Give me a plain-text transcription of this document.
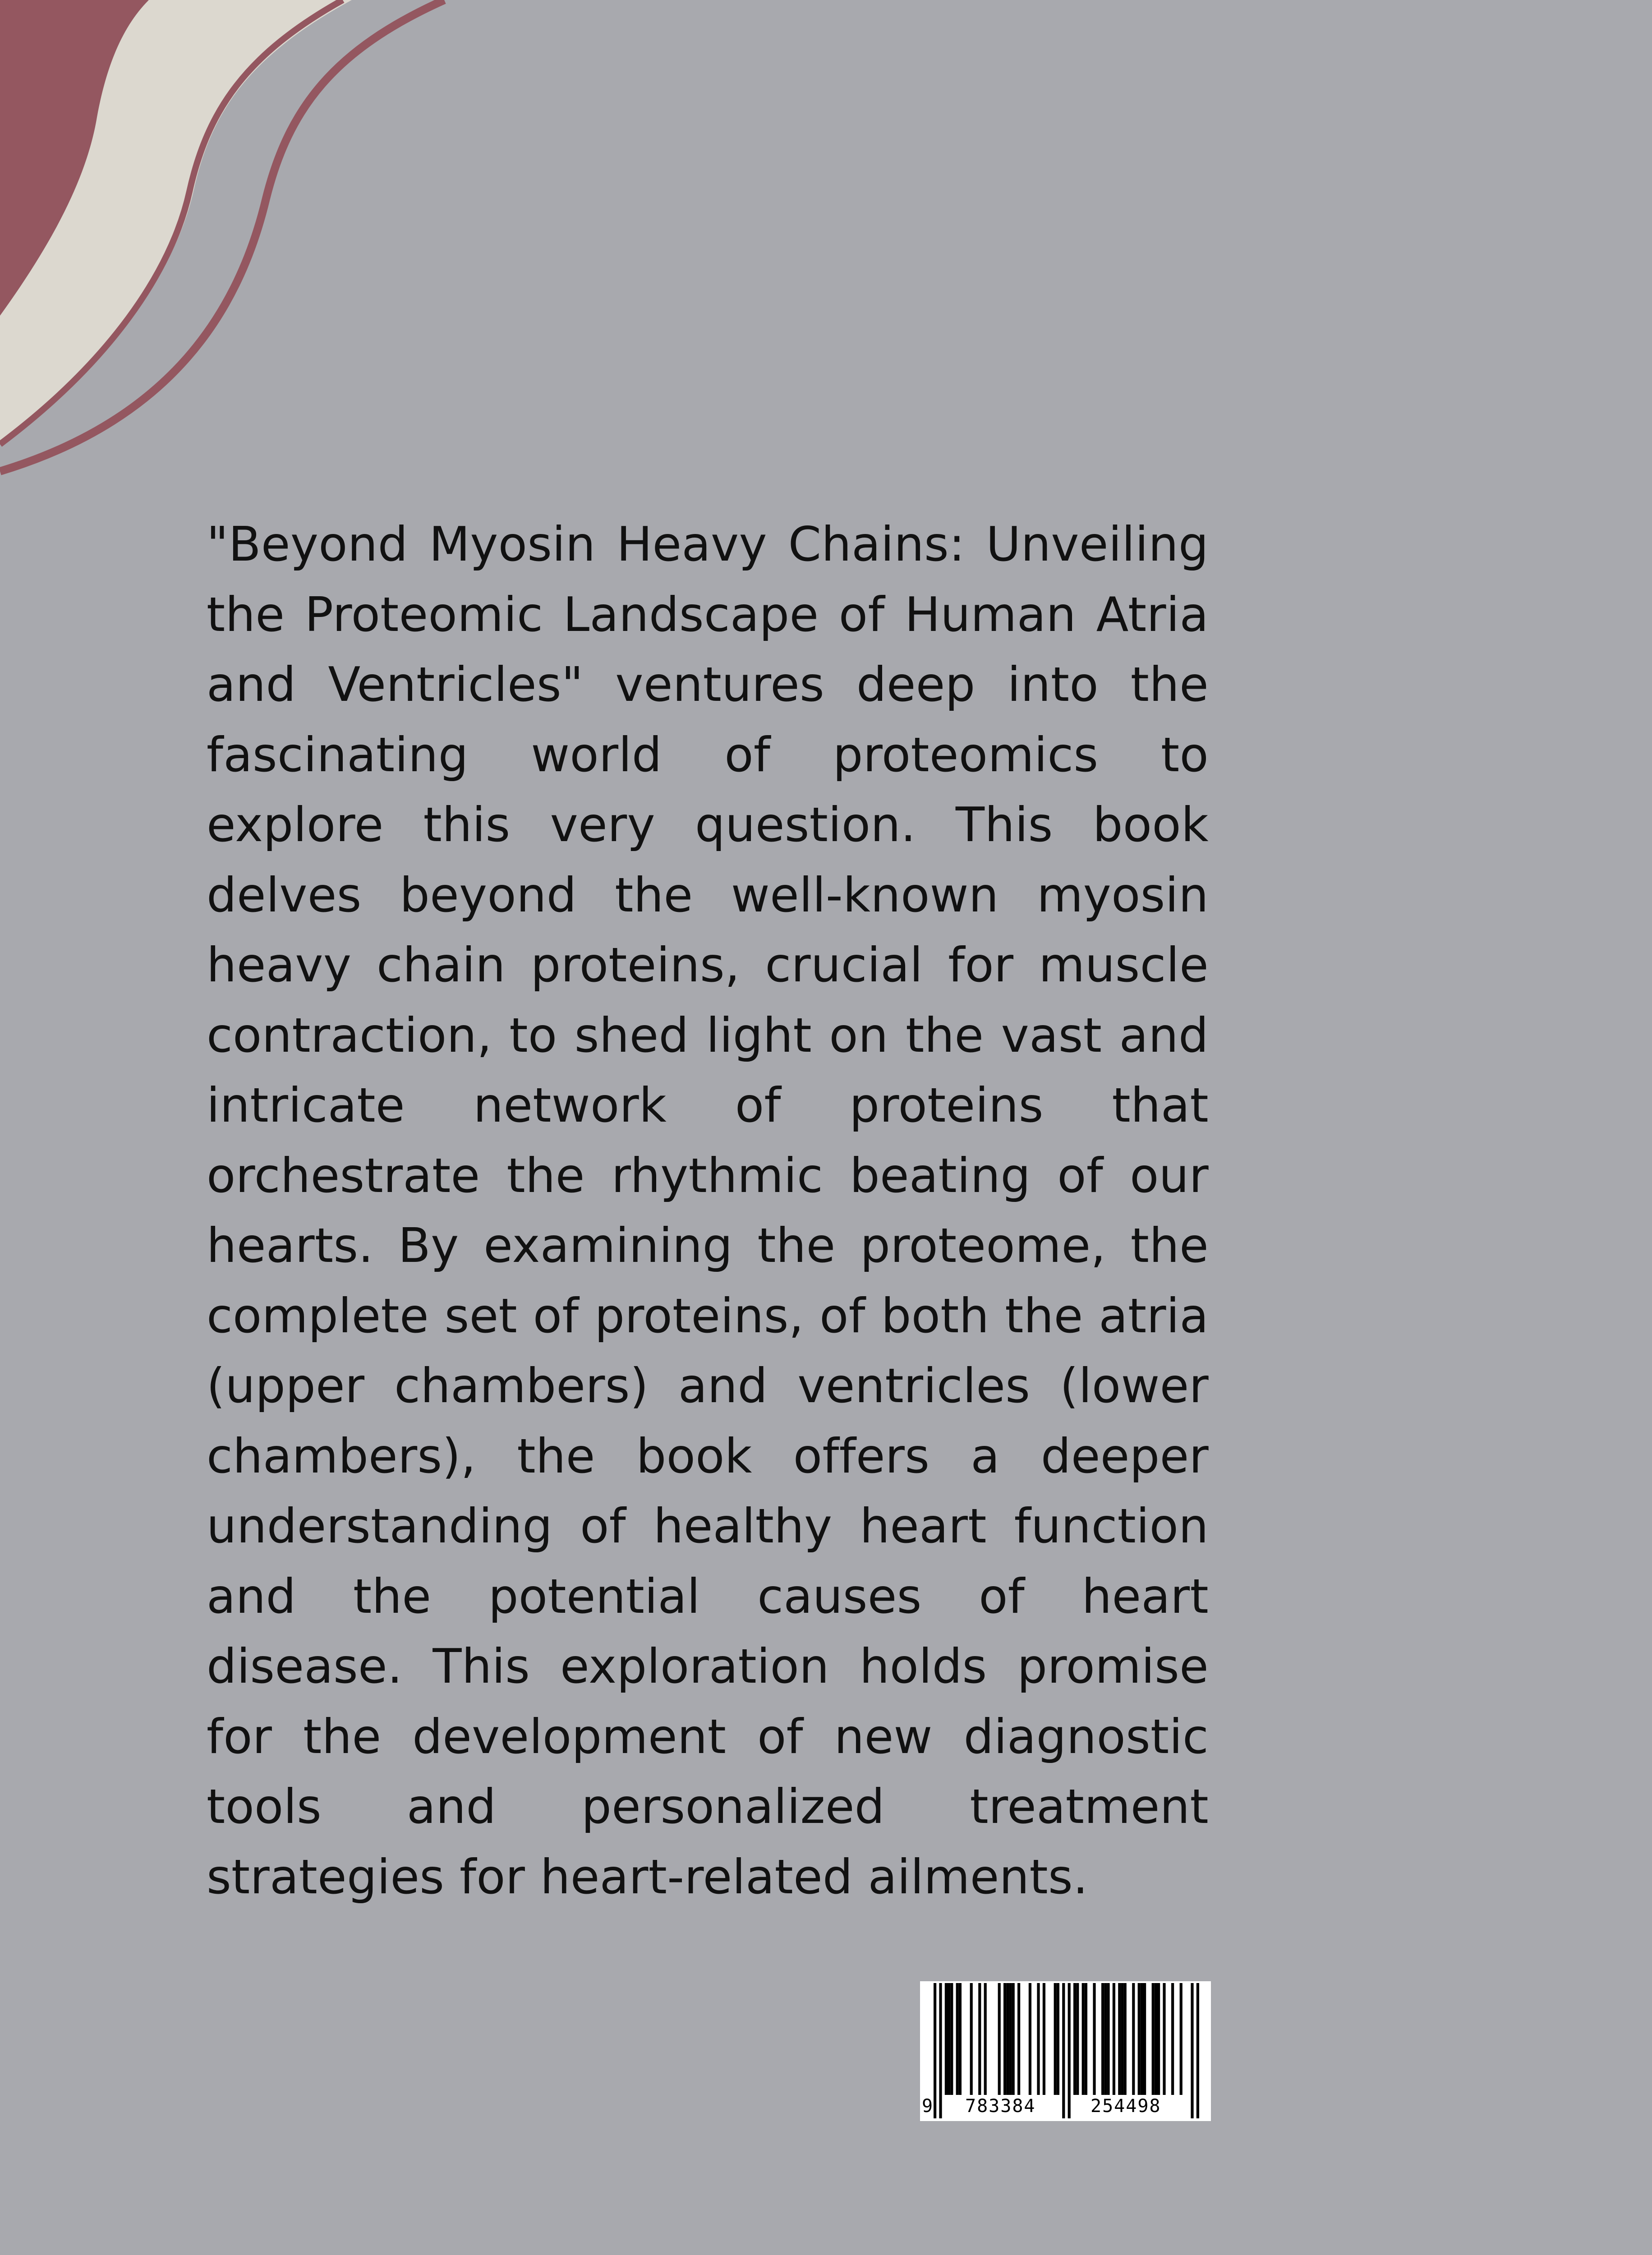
"Beyond Myosin Heavy Chains: Unveiling the Proteomic Landscape of Human Atria and Ventricles" ventures deep into the fascinating world of proteomics to explore this very question. This book delves beyond the well-known myosin heavy chain proteins, crucial for muscle contraction, to shed light on the vast and intricate network of proteins that orchestrate the rhythmic beating of our hearts. By examining the proteome, the complete set of proteins, of both the atria (upper chambers) and ventricles (lower chambers), the book offers a deeper understanding of healthy heart function and the potential causes of heart disease. This exploration holds promise for the development of new diagnostic tools and personalized treatment strategies for heart-related ailments.

9 783384	254498
